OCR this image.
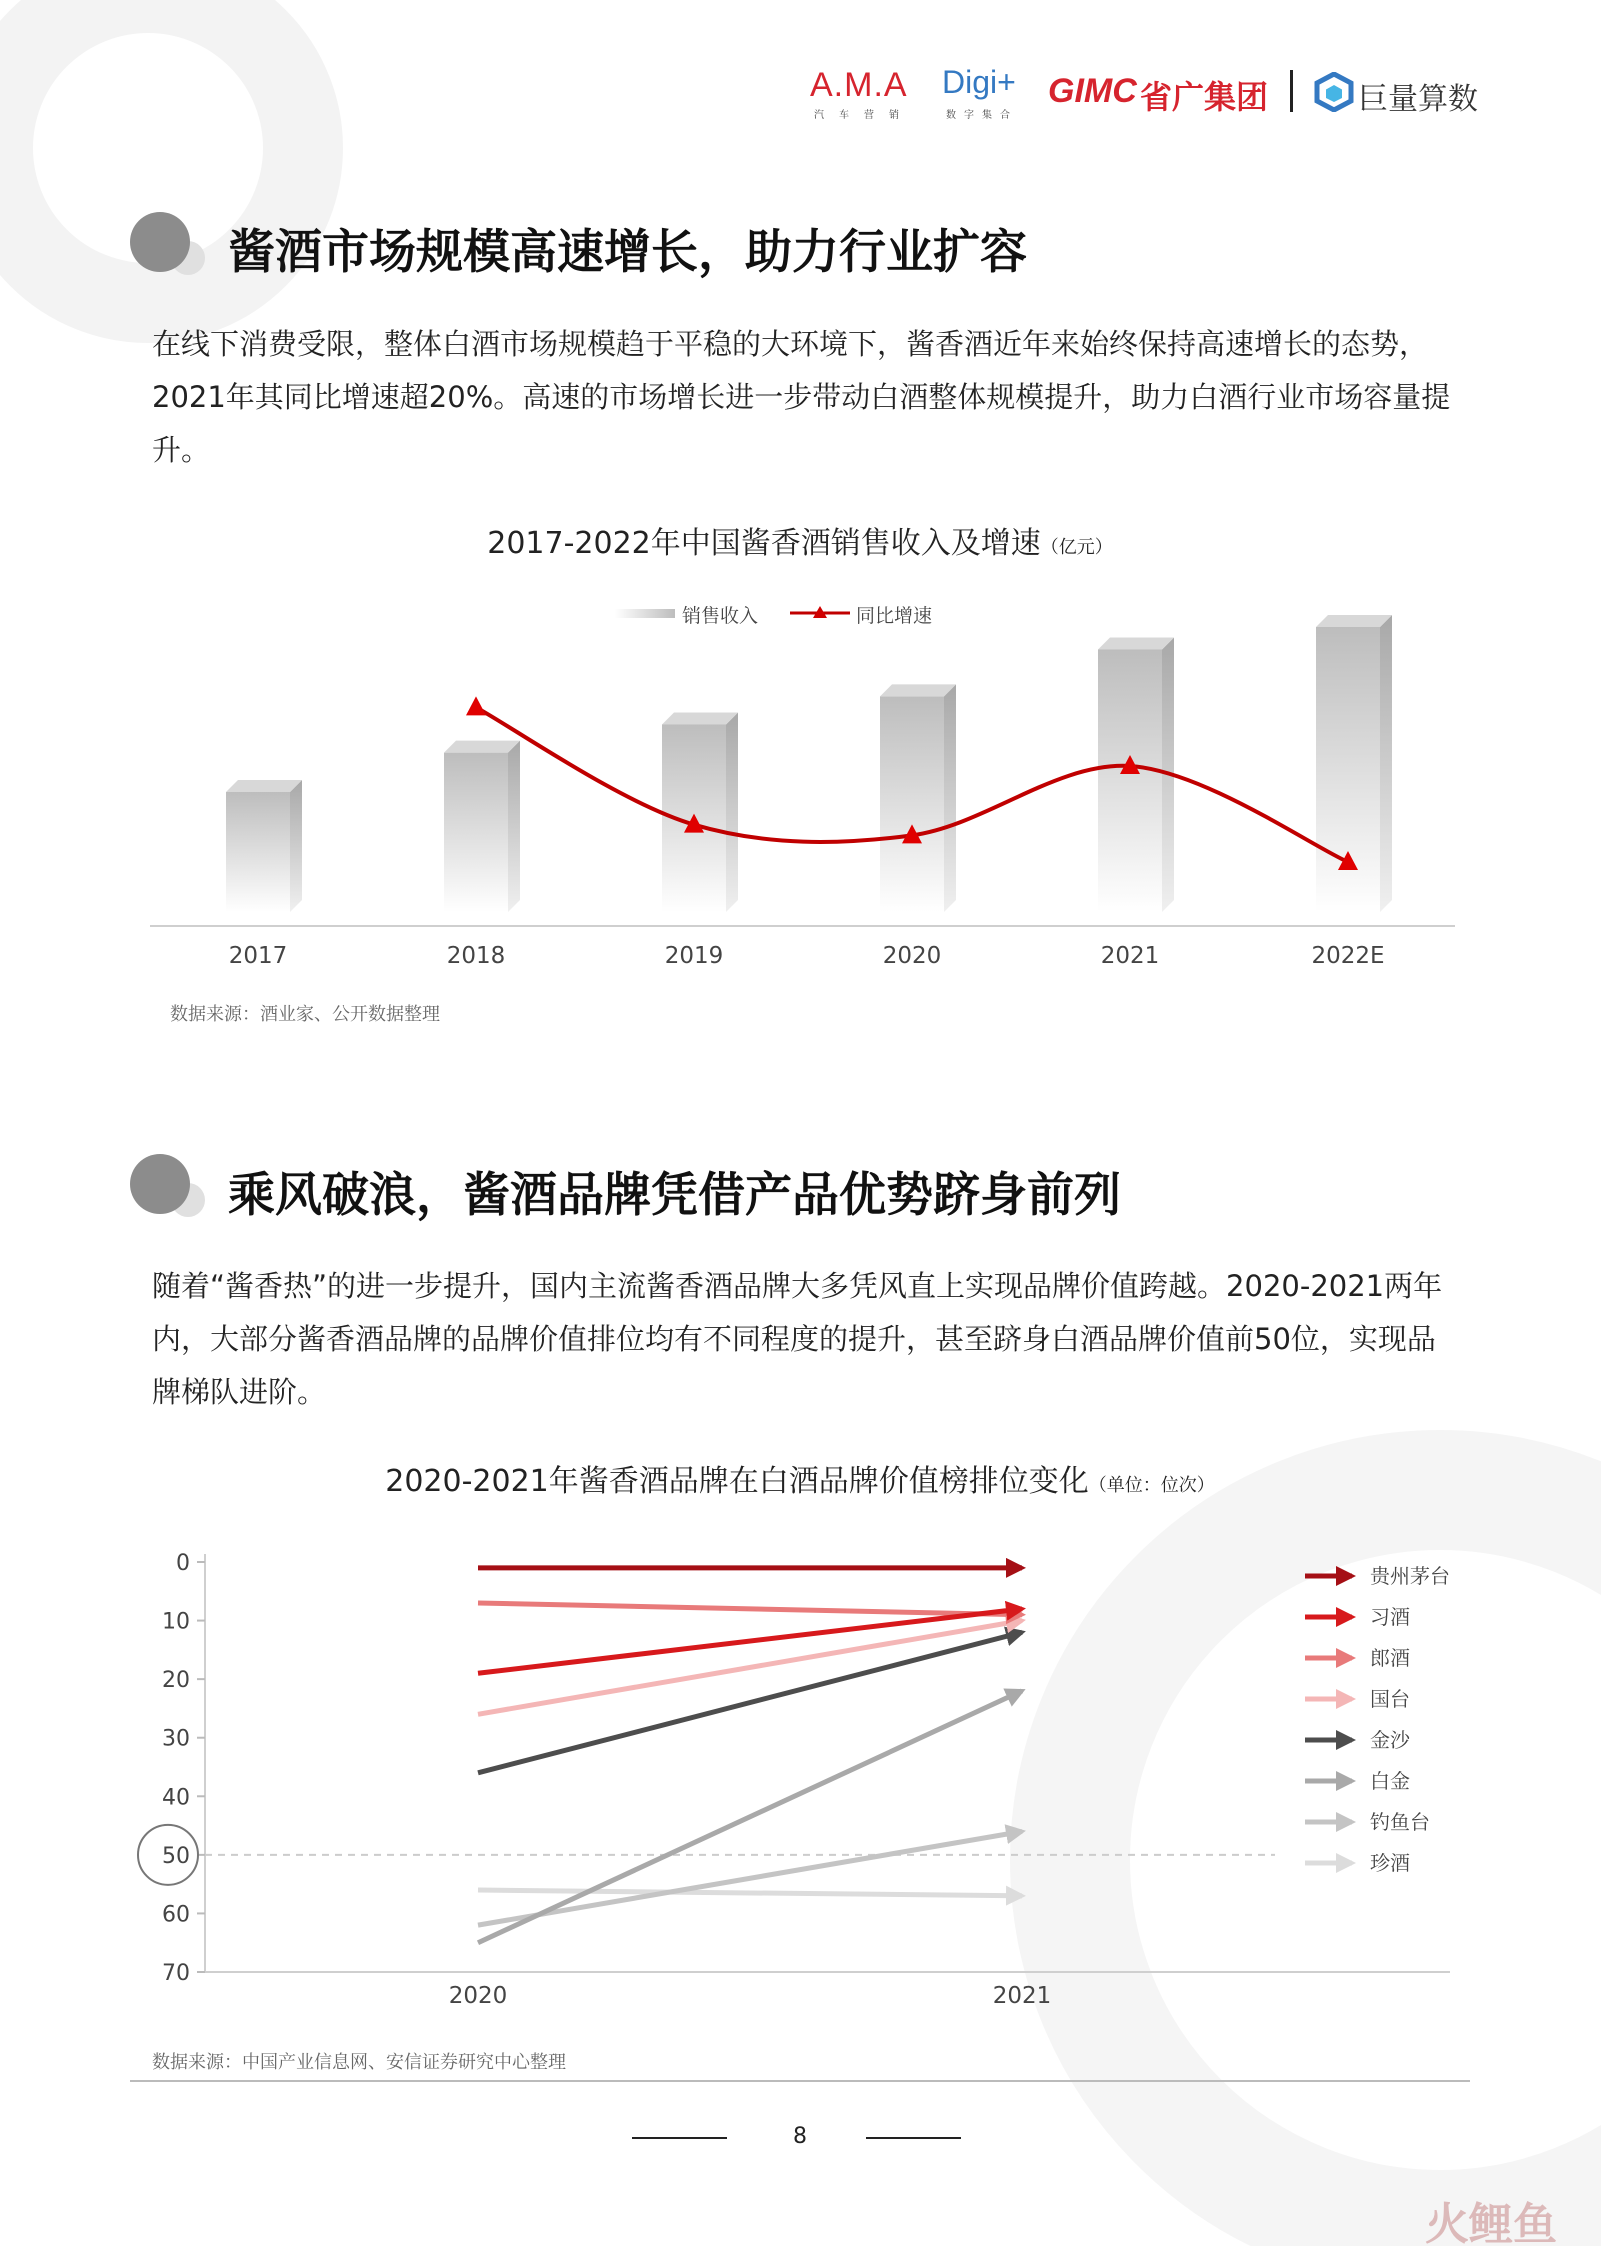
A.M.A
汽车营销
Digi+
数字集合
GIMC 省广集团	巨量算数
酱酒市场规模高速增长，助力行业扩容
在线下消费受限，整体白酒市场规模趋于平稳的大环境下，酱香酒近年来始终保持高速增长的态势，2021年其同比增速超20%。高速的市场增长进一步带动白酒整体规模提升，助力白酒行业市场容量提升。
2017-2022年中国酱香酒销售收入及增速（亿元）
销售收入	同比增速
2017	2018	2019	2020	2021	2022E
数据来源：酒业家、公开数据整理
乘风破浪，酱酒品牌凭借产品优势跻身前列
随着“酱香热”的进一步提升，国内主流酱香酒品牌大多凭风直上实现品牌价值跨越。2020-2021两年内，大部分酱香酒品牌的品牌价值排位均有不同程度的提升，甚至跻身白酒品牌价值前50位，实现品牌梯队进阶。
2020-2021年酱香酒品牌在白酒品牌价值榜排位变化（单位：位次）
0
10
20
30
40
50
60
70
2020	2021
贵州茅台
习酒
郎酒
国台
金沙
白金
钓鱼台
珍酒
数据来源：中国产业信息网、安信证券研究中心整理
8
火鲤鱼
